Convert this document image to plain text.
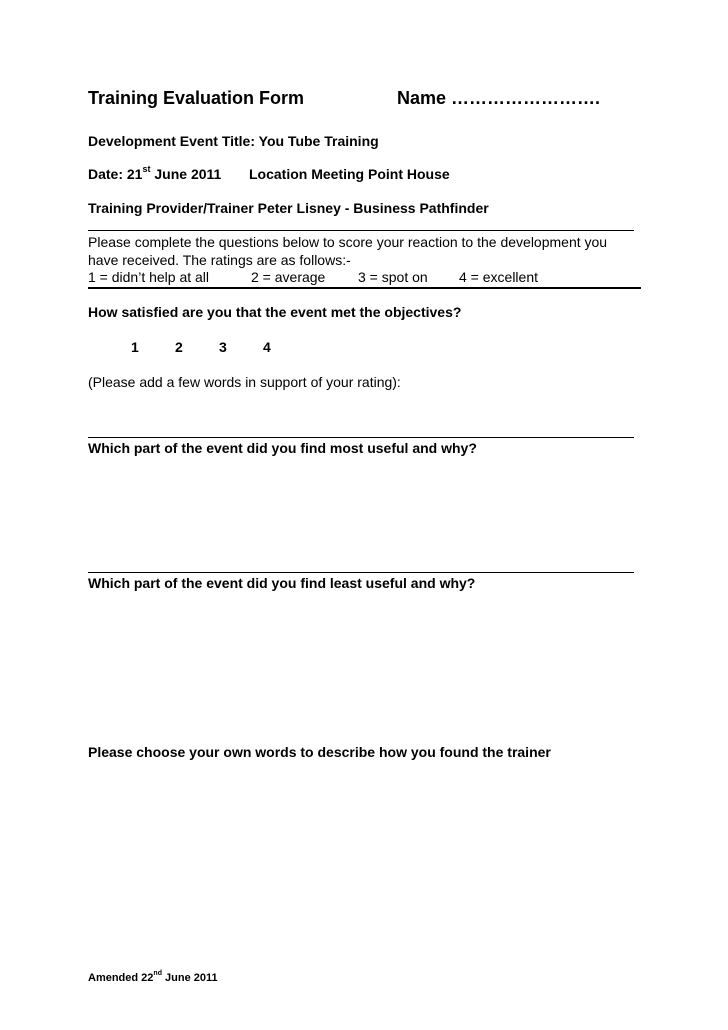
Training Evaluation Form	Name …………………….
Development Event Title: You Tube Training
Date: 21st June 2011 Location Meeting Point House
Training Provider/Trainer Peter Lisney - Business Pathfinder
Please complete the questions below to score your reaction to the development you
have received. The ratings are as follows:-
1 = didn’t help at all	2 = average 3 = spot on 4 = excellent
How satisfied are you that the event met the objectives?
1	2	3	4
(Please add a few words in support of your rating):
Which part of the event did you find most useful and why?
Which part of the event did you find least useful and why?
Please choose your own words to describe how you found the trainer
Amended 22nd June 2011
